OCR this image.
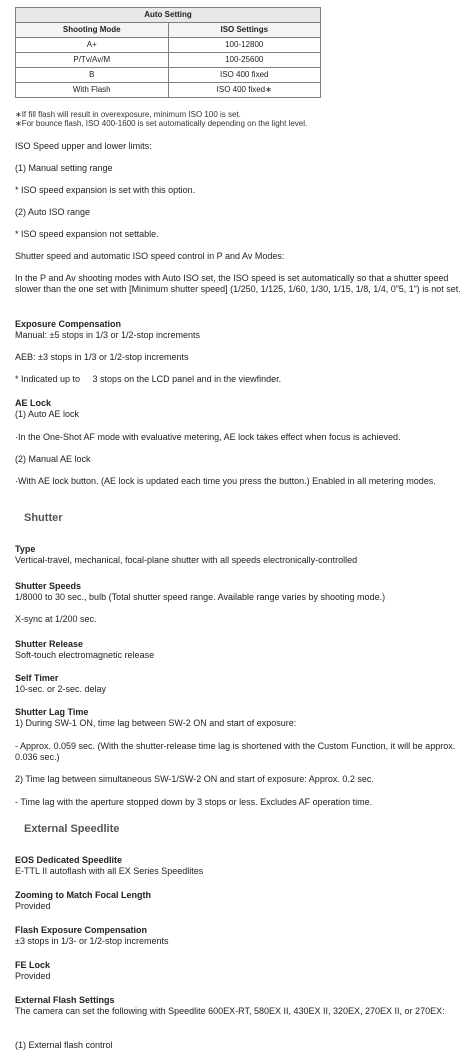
Auto Setting	
Shooting Mode	ISO Settings
A+	100-12800
P/Tv/Av/M	100-25600
B	ISO 400 fixed
With Flash	ISO 400 fixed∗
∗If fill flash will result in overexposure, minimum ISO 100 is set.
∗For bounce flash, ISO 400-1600 is set automatically depending on the light level.
ISO Speed upper and lower limits:
(1) Manual setting range
* ISO speed expansion is set with this option.
(2) Auto ISO range
* ISO speed expansion not settable.
Shutter speed and automatic ISO speed control in P and Av Modes:
In the P and Av shooting modes with Auto ISO set, the ISO speed is set automatically so that a shutter speed slower than the one set with [Minimum shutter speed] (1/250, 1/125, 1/60, 1/30, 1/15, 1/8, 1/4, 0”5, 1”) is not set.
Exposure Compensation
Manual: ±5 stops in 1/3 or 1/2-stop increments
AEB: ±3 stops in 1/3 or 1/2-stop increments
* Indicated up to     3 stops on the LCD panel and in the viewfinder.
AE Lock
(1) Auto AE lock
·In the One-Shot AF mode with evaluative metering, AE lock takes effect when focus is achieved.
(2) Manual AE lock
·With AE lock button. (AE lock is updated each time you press the button.) Enabled in all metering modes.
Shutter
Type
Vertical-travel, mechanical, focal-plane shutter with all speeds electronically-controlled
Shutter Speeds
1/8000 to 30 sec., bulb (Total shutter speed range. Available range varies by shooting mode.)
X-sync at 1/200 sec.
Shutter Release
Soft-touch electromagnetic release
Self Timer
10-sec. or 2-sec. delay
Shutter Lag Time
1) During SW-1 ON, time lag between SW-2 ON and start of exposure:
- Approx. 0.059 sec. (With the shutter-release time lag is shortened with the Custom Function, it will be approx. 0.036 sec.)
2) Time lag between simultaneous SW-1/SW-2 ON and start of exposure: Approx. 0.2 sec.
- Time lag with the aperture stopped down by 3 stops or less. Excludes AF operation time.
External Speedlite
EOS Dedicated Speedlite
E-TTL II autoflash with all EX Series Speedlites
Zooming to Match Focal Length
Provided
Flash Exposure Compensation
±3 stops in 1/3- or 1/2-stop increments
FE Lock
Provided
External Flash Settings
The camera can set the following with Speedlite 600EX-RT, 580EX II, 430EX II, 320EX, 270EX II, or 270EX:
(1) External flash control
